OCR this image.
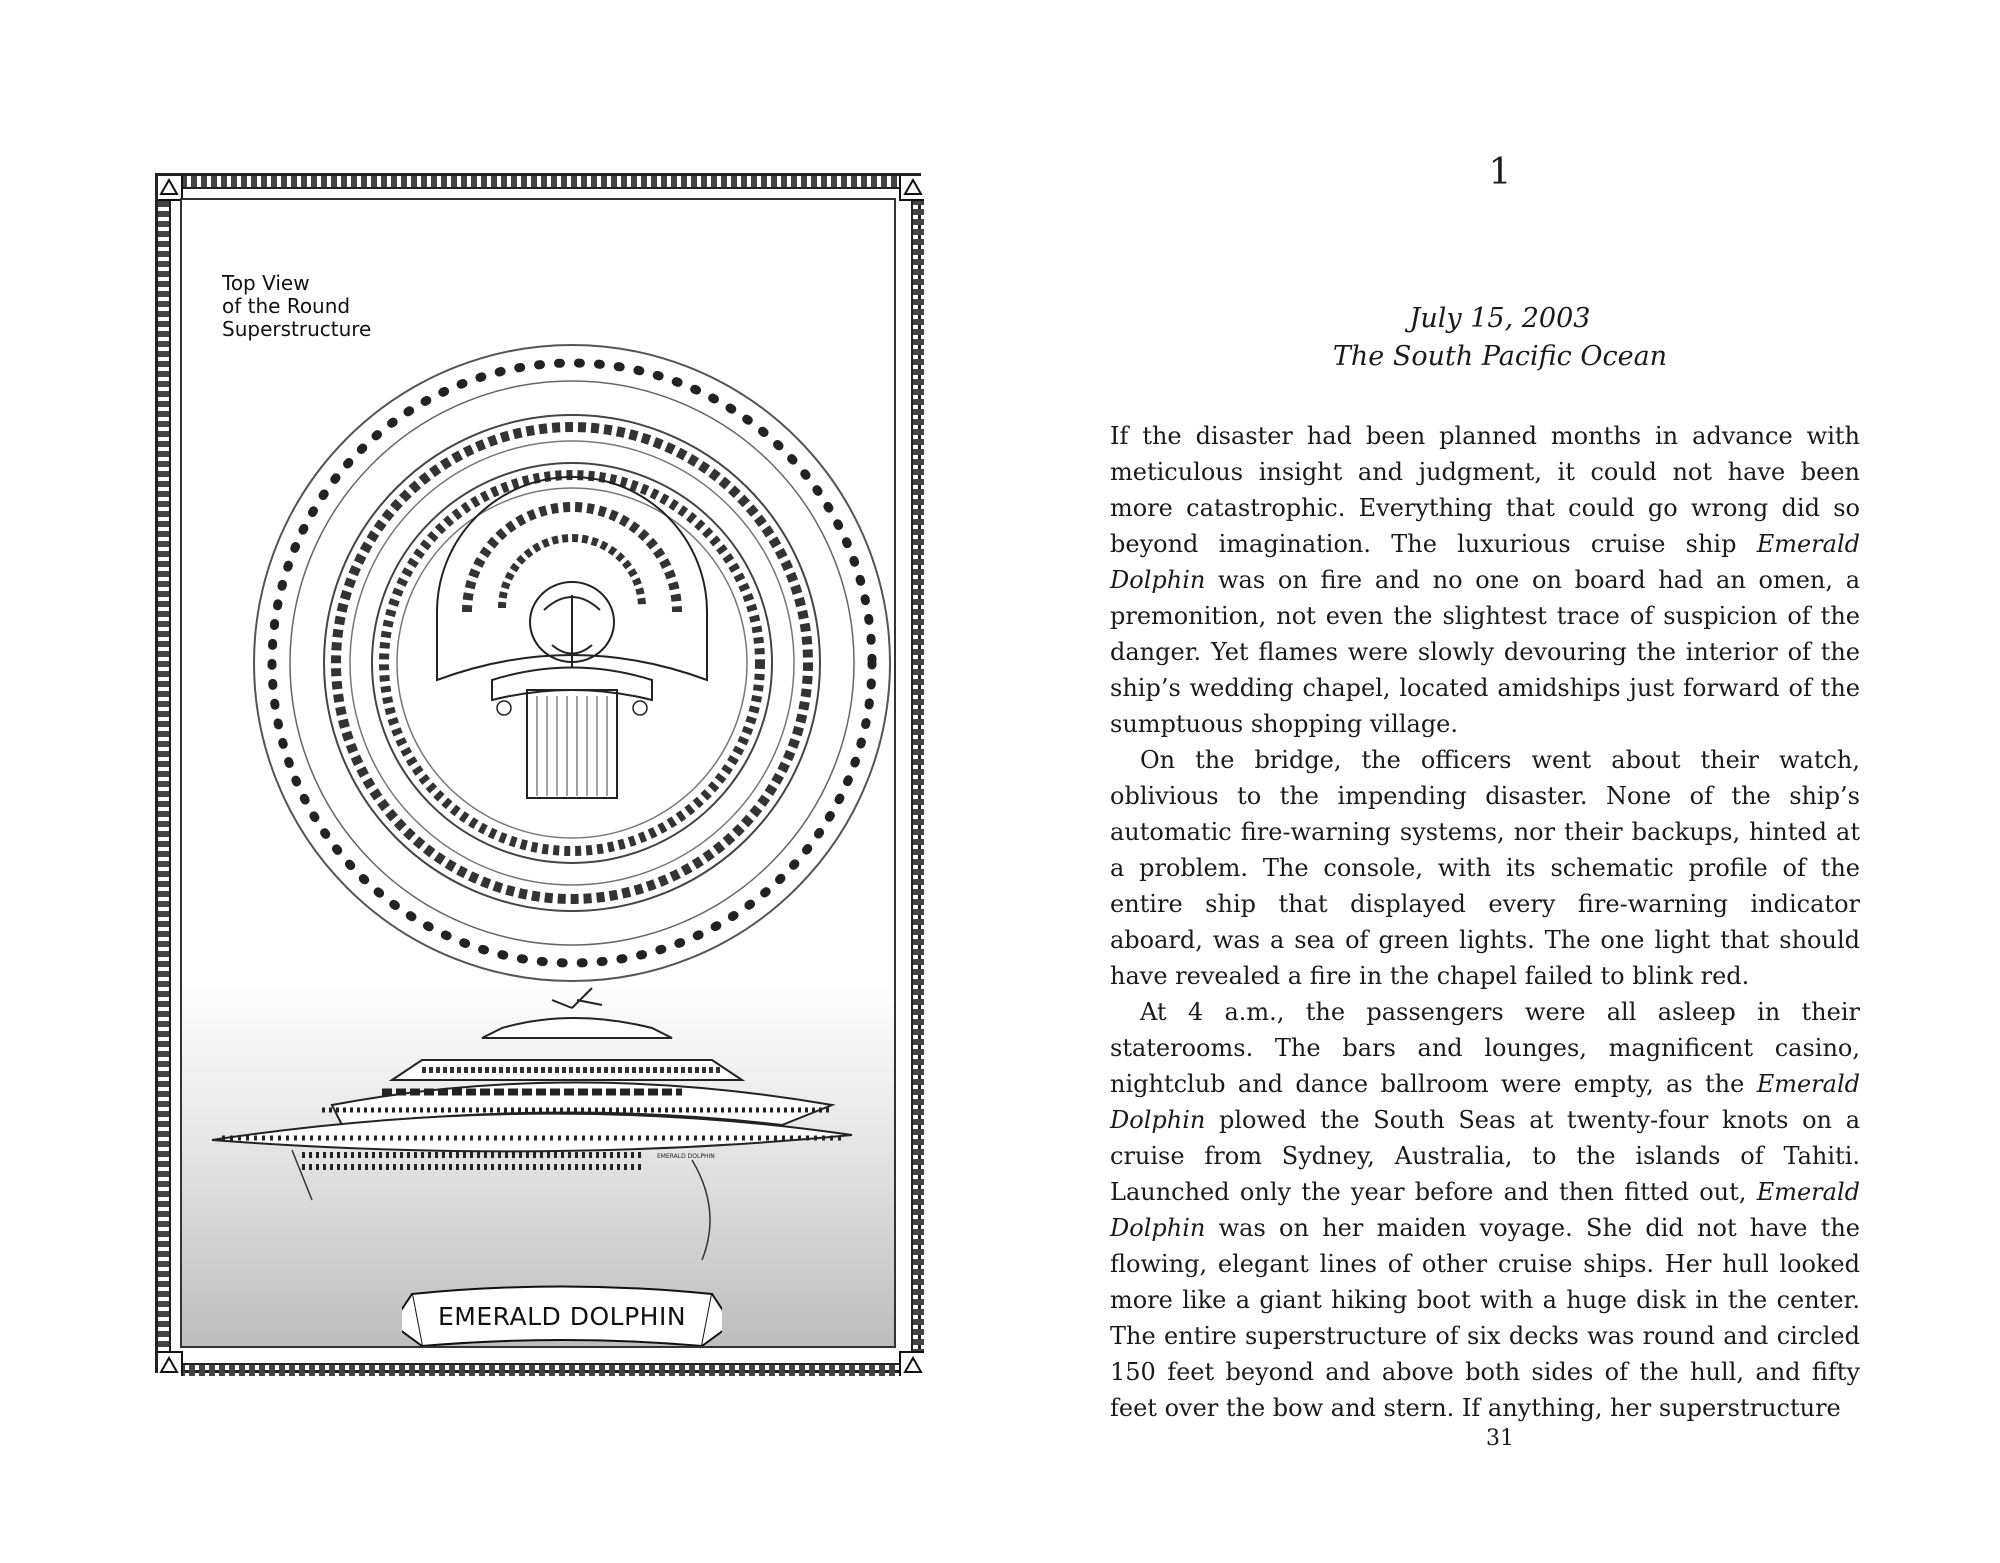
Top View
of the Round
Superstructure
EMERALD DOLPHIN
EMERALD DOLPHIN
1
July 15, 2003
The South Pacific Ocean

If the disaster had been planned months in advance with meticulous insight and judgment, it could not have been more catastrophic. Everything that could go wrong did so beyond imagination. The luxurious cruise ship Emerald Dolphin was on fire and no one on board had an omen, a premonition, not even the slightest trace of suspicion of the danger. Yet flames were slowly devouring the interior of the ship’s wedding chapel, located amidships just forward of the sumptuous shopping village.

On the bridge, the officers went about their watch, oblivious to the impending disaster. None of the ship’s automatic fire-warning systems, nor their backups, hinted at a problem. The console, with its schematic profile of the entire ship that displayed every fire-warning indicator aboard, was a sea of green lights. The one light that should have revealed a fire in the chapel failed to blink red.

At 4 a.m., the passengers were all asleep in their staterooms. The bars and lounges, magnificent casino, nightclub and dance ballroom were empty, as the Emerald Dolphin plowed the South Seas at twenty-four knots on a cruise from Sydney, Australia, to the islands of Tahiti. Launched only the year before and then fitted out, Emerald Dolphin was on her maiden voyage. She did not have the flowing, elegant lines of other cruise ships. Her hull looked more like a giant hiking boot with a huge disk in the center. The entire superstructure of six decks was round and circled 150 feet beyond and above both sides of the hull, and fifty feet over the bow and stern. If anything, her superstructure

31
